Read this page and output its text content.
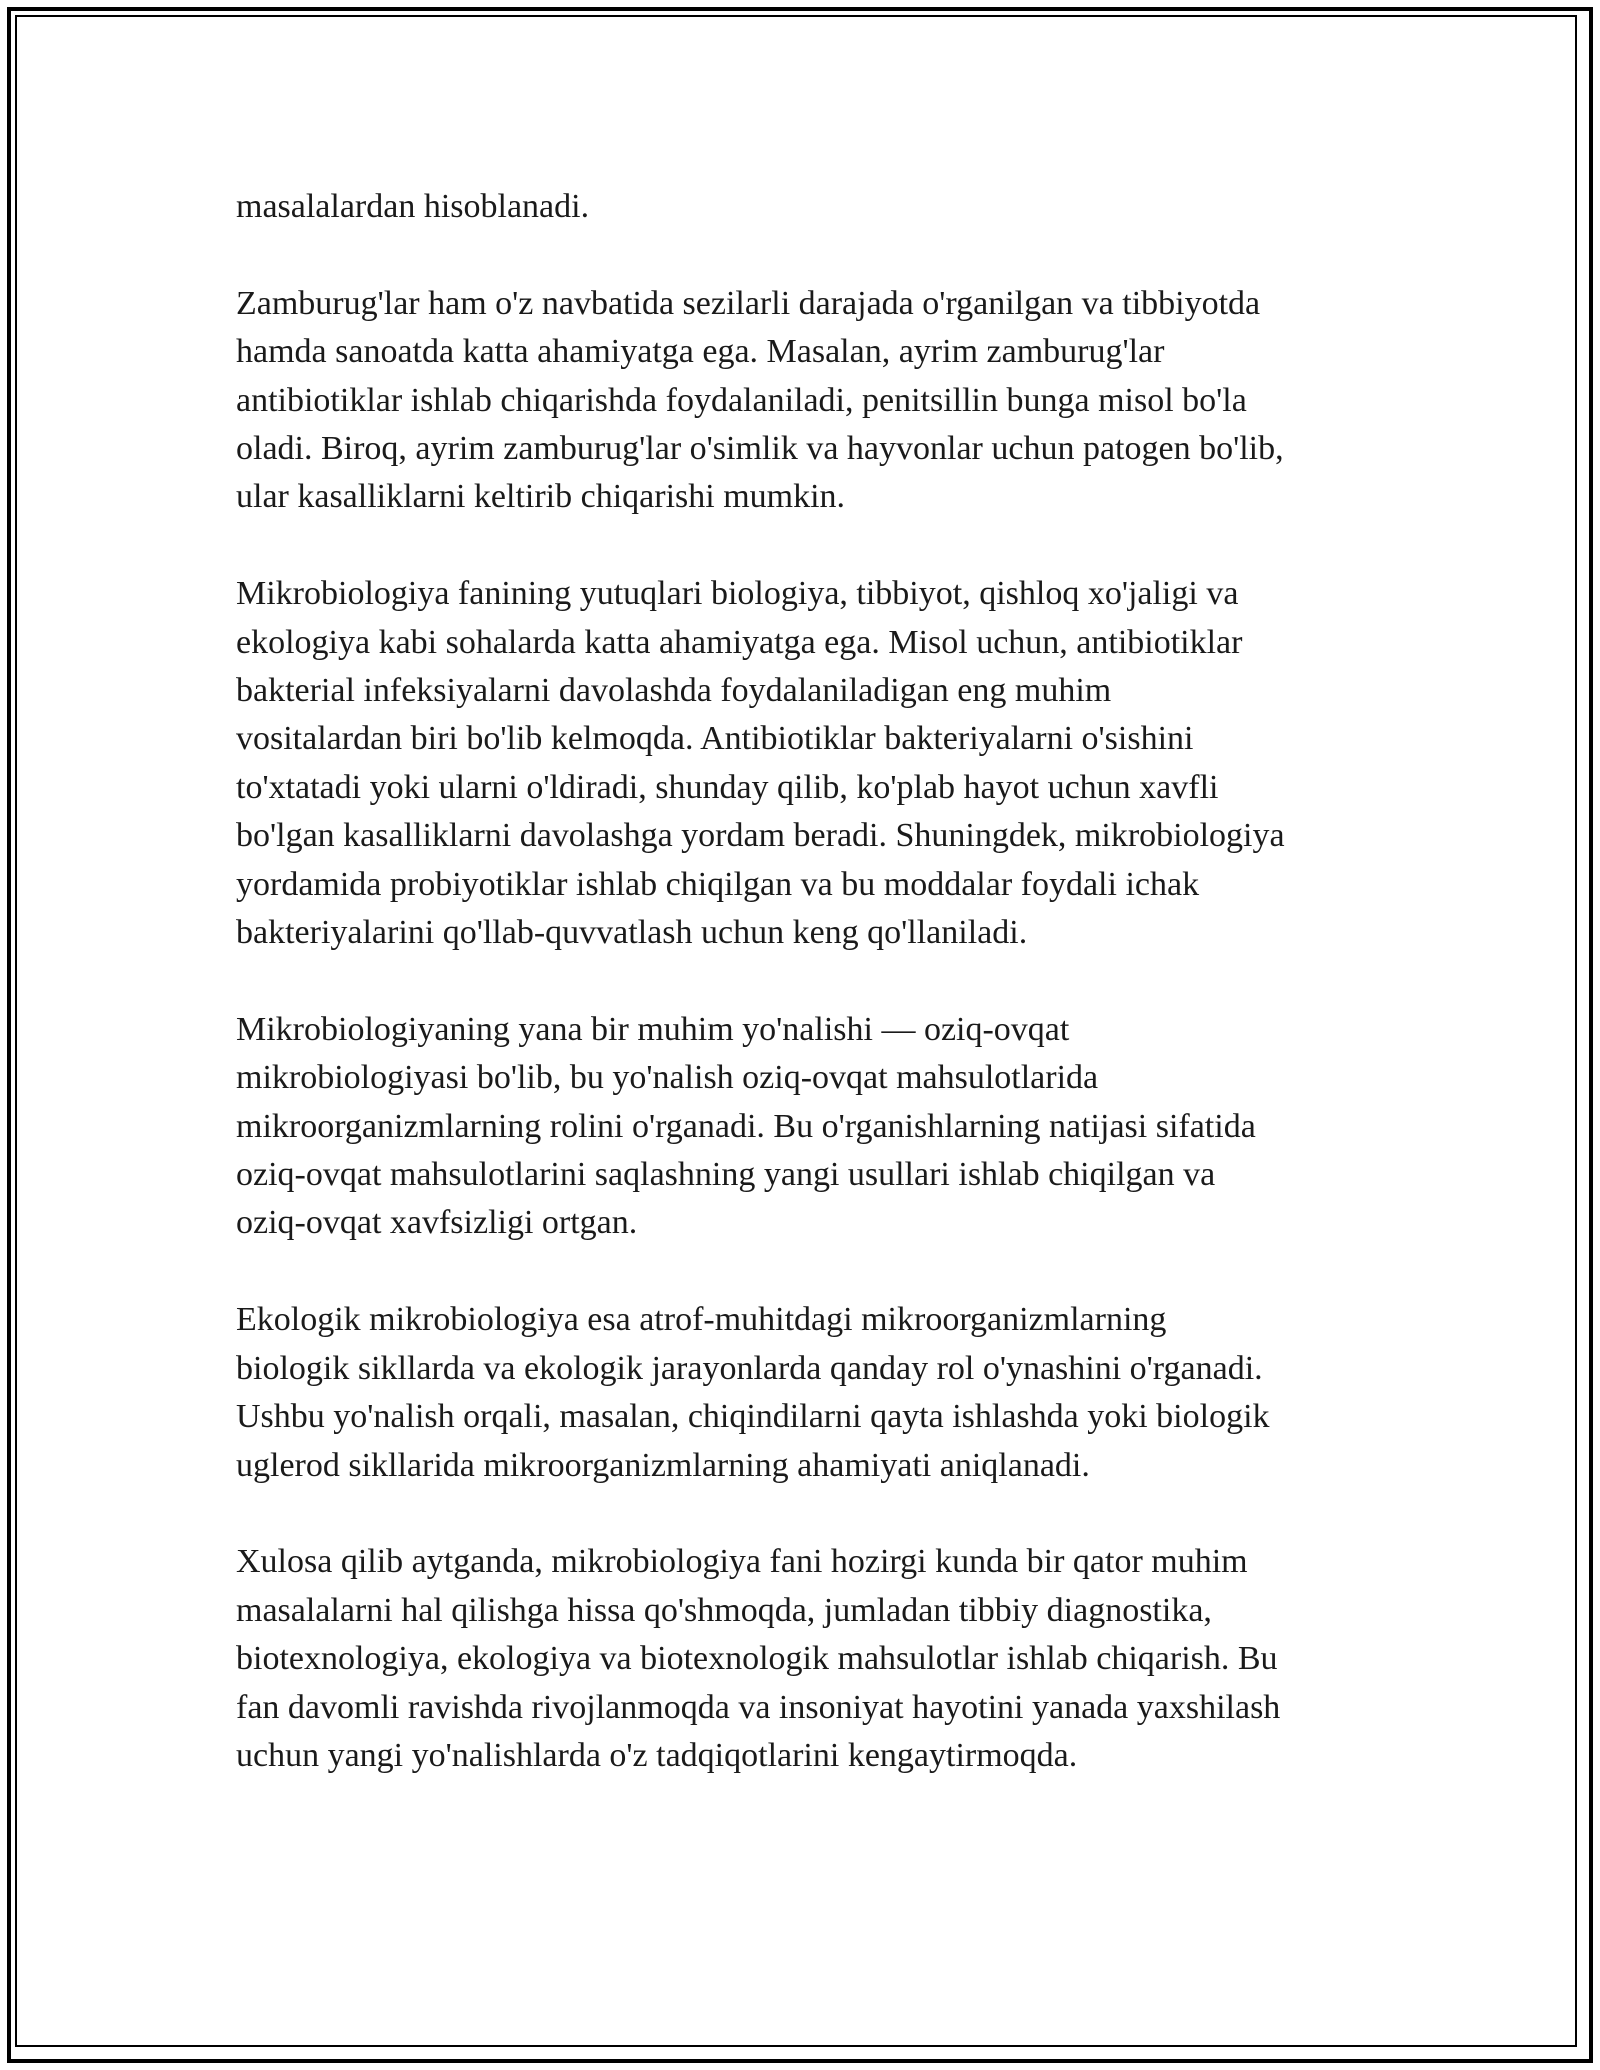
masalalardan hisoblanadi.

Zamburug'lar ham o'z navbatida sezilarli darajada o'rganilgan va tibbiyotda
hamda sanoatda katta ahamiyatga ega. Masalan, ayrim zamburug'lar
antibiotiklar ishlab chiqarishda foydalaniladi, penitsillin bunga misol bo'la
oladi. Biroq, ayrim zamburug'lar o'simlik va hayvonlar uchun patogen bo'lib,
ular kasalliklarni keltirib chiqarishi mumkin.

Mikrobiologiya fanining yutuqlari biologiya, tibbiyot, qishloq xo'jaligi va
ekologiya kabi sohalarda katta ahamiyatga ega. Misol uchun, antibiotiklar
bakterial infeksiyalarni davolashda foydalaniladigan eng muhim
vositalardan biri bo'lib kelmoqda. Antibiotiklar bakteriyalarni o'sishini
to'xtatadi yoki ularni o'ldiradi, shunday qilib, ko'plab hayot uchun xavfli
bo'lgan kasalliklarni davolashga yordam beradi. Shuningdek, mikrobiologiya
yordamida probiyotiklar ishlab chiqilgan va bu moddalar foydali ichak
bakteriyalarini qo'llab-quvvatlash uchun keng qo'llaniladi.

Mikrobiologiyaning yana bir muhim yo'nalishi — oziq-ovqat
mikrobiologiyasi bo'lib, bu yo'nalish oziq-ovqat mahsulotlarida
mikroorganizmlarning rolini o'rganadi. Bu o'rganishlarning natijasi sifatida
oziq-ovqat mahsulotlarini saqlashning yangi usullari ishlab chiqilgan va
oziq-ovqat xavfsizligi ortgan.

Ekologik mikrobiologiya esa atrof-muhitdagi mikroorganizmlarning
biologik sikllarda va ekologik jarayonlarda qanday rol o'ynashini o'rganadi.
Ushbu yo'nalish orqali, masalan, chiqindilarni qayta ishlashda yoki biologik
uglerod sikllarida mikroorganizmlarning ahamiyati aniqlanadi.

Xulosa qilib aytganda, mikrobiologiya fani hozirgi kunda bir qator muhim
masalalarni hal qilishga hissa qo'shmoqda, jumladan tibbiy diagnostika,
biotexnologiya, ekologiya va biotexnologik mahsulotlar ishlab chiqarish. Bu
fan davomli ravishda rivojlanmoqda va insoniyat hayotini yanada yaxshilash
uchun yangi yo'nalishlarda o'z tadqiqotlarini kengaytirmoqda.
